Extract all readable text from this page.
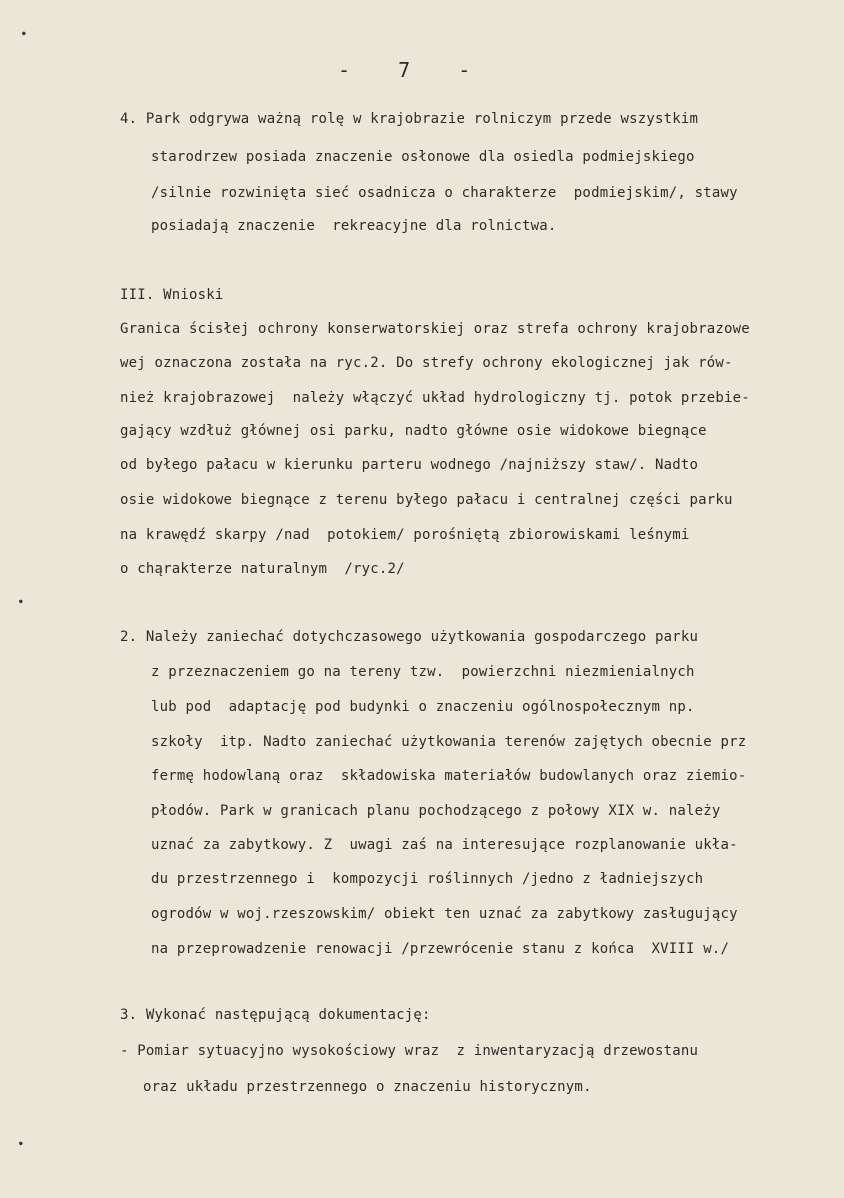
●
●
●
-  7  -
4. Park odgrywa ważną rolę w krajobrazie rolniczym przede wszystkim
starodrzew posiada znaczenie osłonowe dla osiedla podmiejskiego
/silnie rozwinięta sieć osadnicza o charakterze  podmiejskim/, stawy
posiadają znaczenie  rekreacyjne dla rolnictwa.
III. Wnioski
Granica ścisłej ochrony konserwatorskiej oraz strefa ochrony krajobrazowe
wej oznaczona została na ryc.2. Do strefy ochrony ekologicznej jak rów-
nież krajobrazowej  należy włączyć układ hydrologiczny tj. potok przebie-
gający wzdłuż głównej osi parku, nadto główne osie widokowe biegnące
od byłego pałacu w kierunku parteru wodnego /najniższy staw/. Nadto
osie widokowe biegnące z terenu byłego pałacu i centralnej części parku
na krawędź skarpy /nad  potokiem/ porośniętą zbiorowiskami leśnymi
o chąrakterze naturalnym  /ryc.2/
2. Należy zaniechać dotychczasowego użytkowania gospodarczego parku
z przeznaczeniem go na tereny tzw.  powierzchni niezmienialnych
lub pod  adaptację pod budynki o znaczeniu ogólnospołecznym np.
szkoły  itp. Nadto zaniechać użytkowania terenów zajętych obecnie prz
fermę hodowlaną oraz  składowiska materiałów budowlanych oraz ziemio-
płodów. Park w granicach planu pochodzącego z połowy XIX w. należy
uznać za zabytkowy. Z  uwagi zaś na interesujące rozplanowanie ukła-
du przestrzennego i  kompozycji roślinnych /jedno z ładniejszych
ogrodów w woj.rzeszowskim/ obiekt ten uznać za zabytkowy zasługujący
na przeprowadzenie renowacji /przewrócenie stanu z końca  XVIII w./
3. Wykonać następującą dokumentację:
- Pomiar sytuacyjno wysokościowy wraz  z inwentaryzacją drzewostanu
oraz układu przestrzennego o znaczeniu historycznym.
